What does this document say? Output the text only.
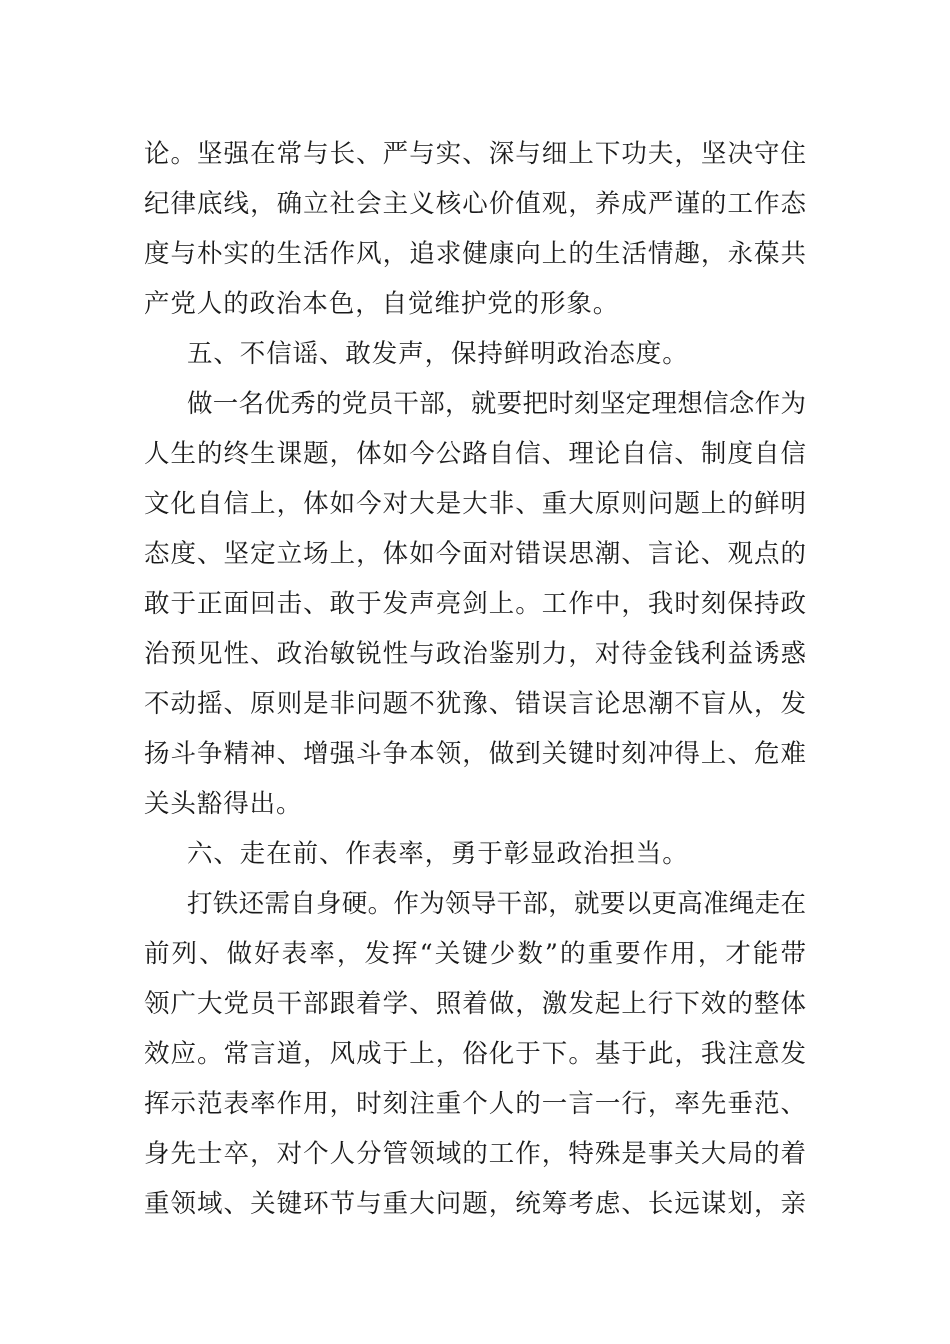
论。坚强在常与长、严与实、深与细上下功夫，坚决守住

纪律底线，确立社会主义核心价值观，养成严谨的工作态

度与朴实的生活作风，追求健康向上的生活情趣，永葆共

产党人的政治本色，自觉维护党的形象。

五、不信谣、敢发声，保持鲜明政治态度。

做一名优秀的党员干部，就要把时刻坚定理想信念作为

人生的终生课题，体如今公路自信、理论自信、制度自信

文化自信上，体如今对大是大非、重大原则问题上的鲜明

态度、坚定立场上，体如今面对错误思潮、言论、观点的

敢于正面回击、敢于发声亮剑上。工作中，我时刻保持政

治预见性、政治敏锐性与政治鉴别力，对待金钱利益诱惑

不动摇、原则是非问题不犹豫、错误言论思潮不盲从，发

扬斗争精神、增强斗争本领，做到关键时刻冲得上、危难

关头豁得出。

六、走在前、作表率，勇于彰显政治担当。

打铁还需自身硬。作为领导干部，就要以更高准绳走在

前列、做好表率，发挥“关键少数”的重要作用，才能带

领广大党员干部跟着学、照着做，激发起上行下效的整体

效应。常言道，风成于上，俗化于下。基于此，我注意发

挥示范表率作用，时刻注重个人的一言一行，率先垂范、

身先士卒，对个人分管领域的工作，特殊是事关大局的着

重领域、关键环节与重大问题，统筹考虑、长远谋划，亲
